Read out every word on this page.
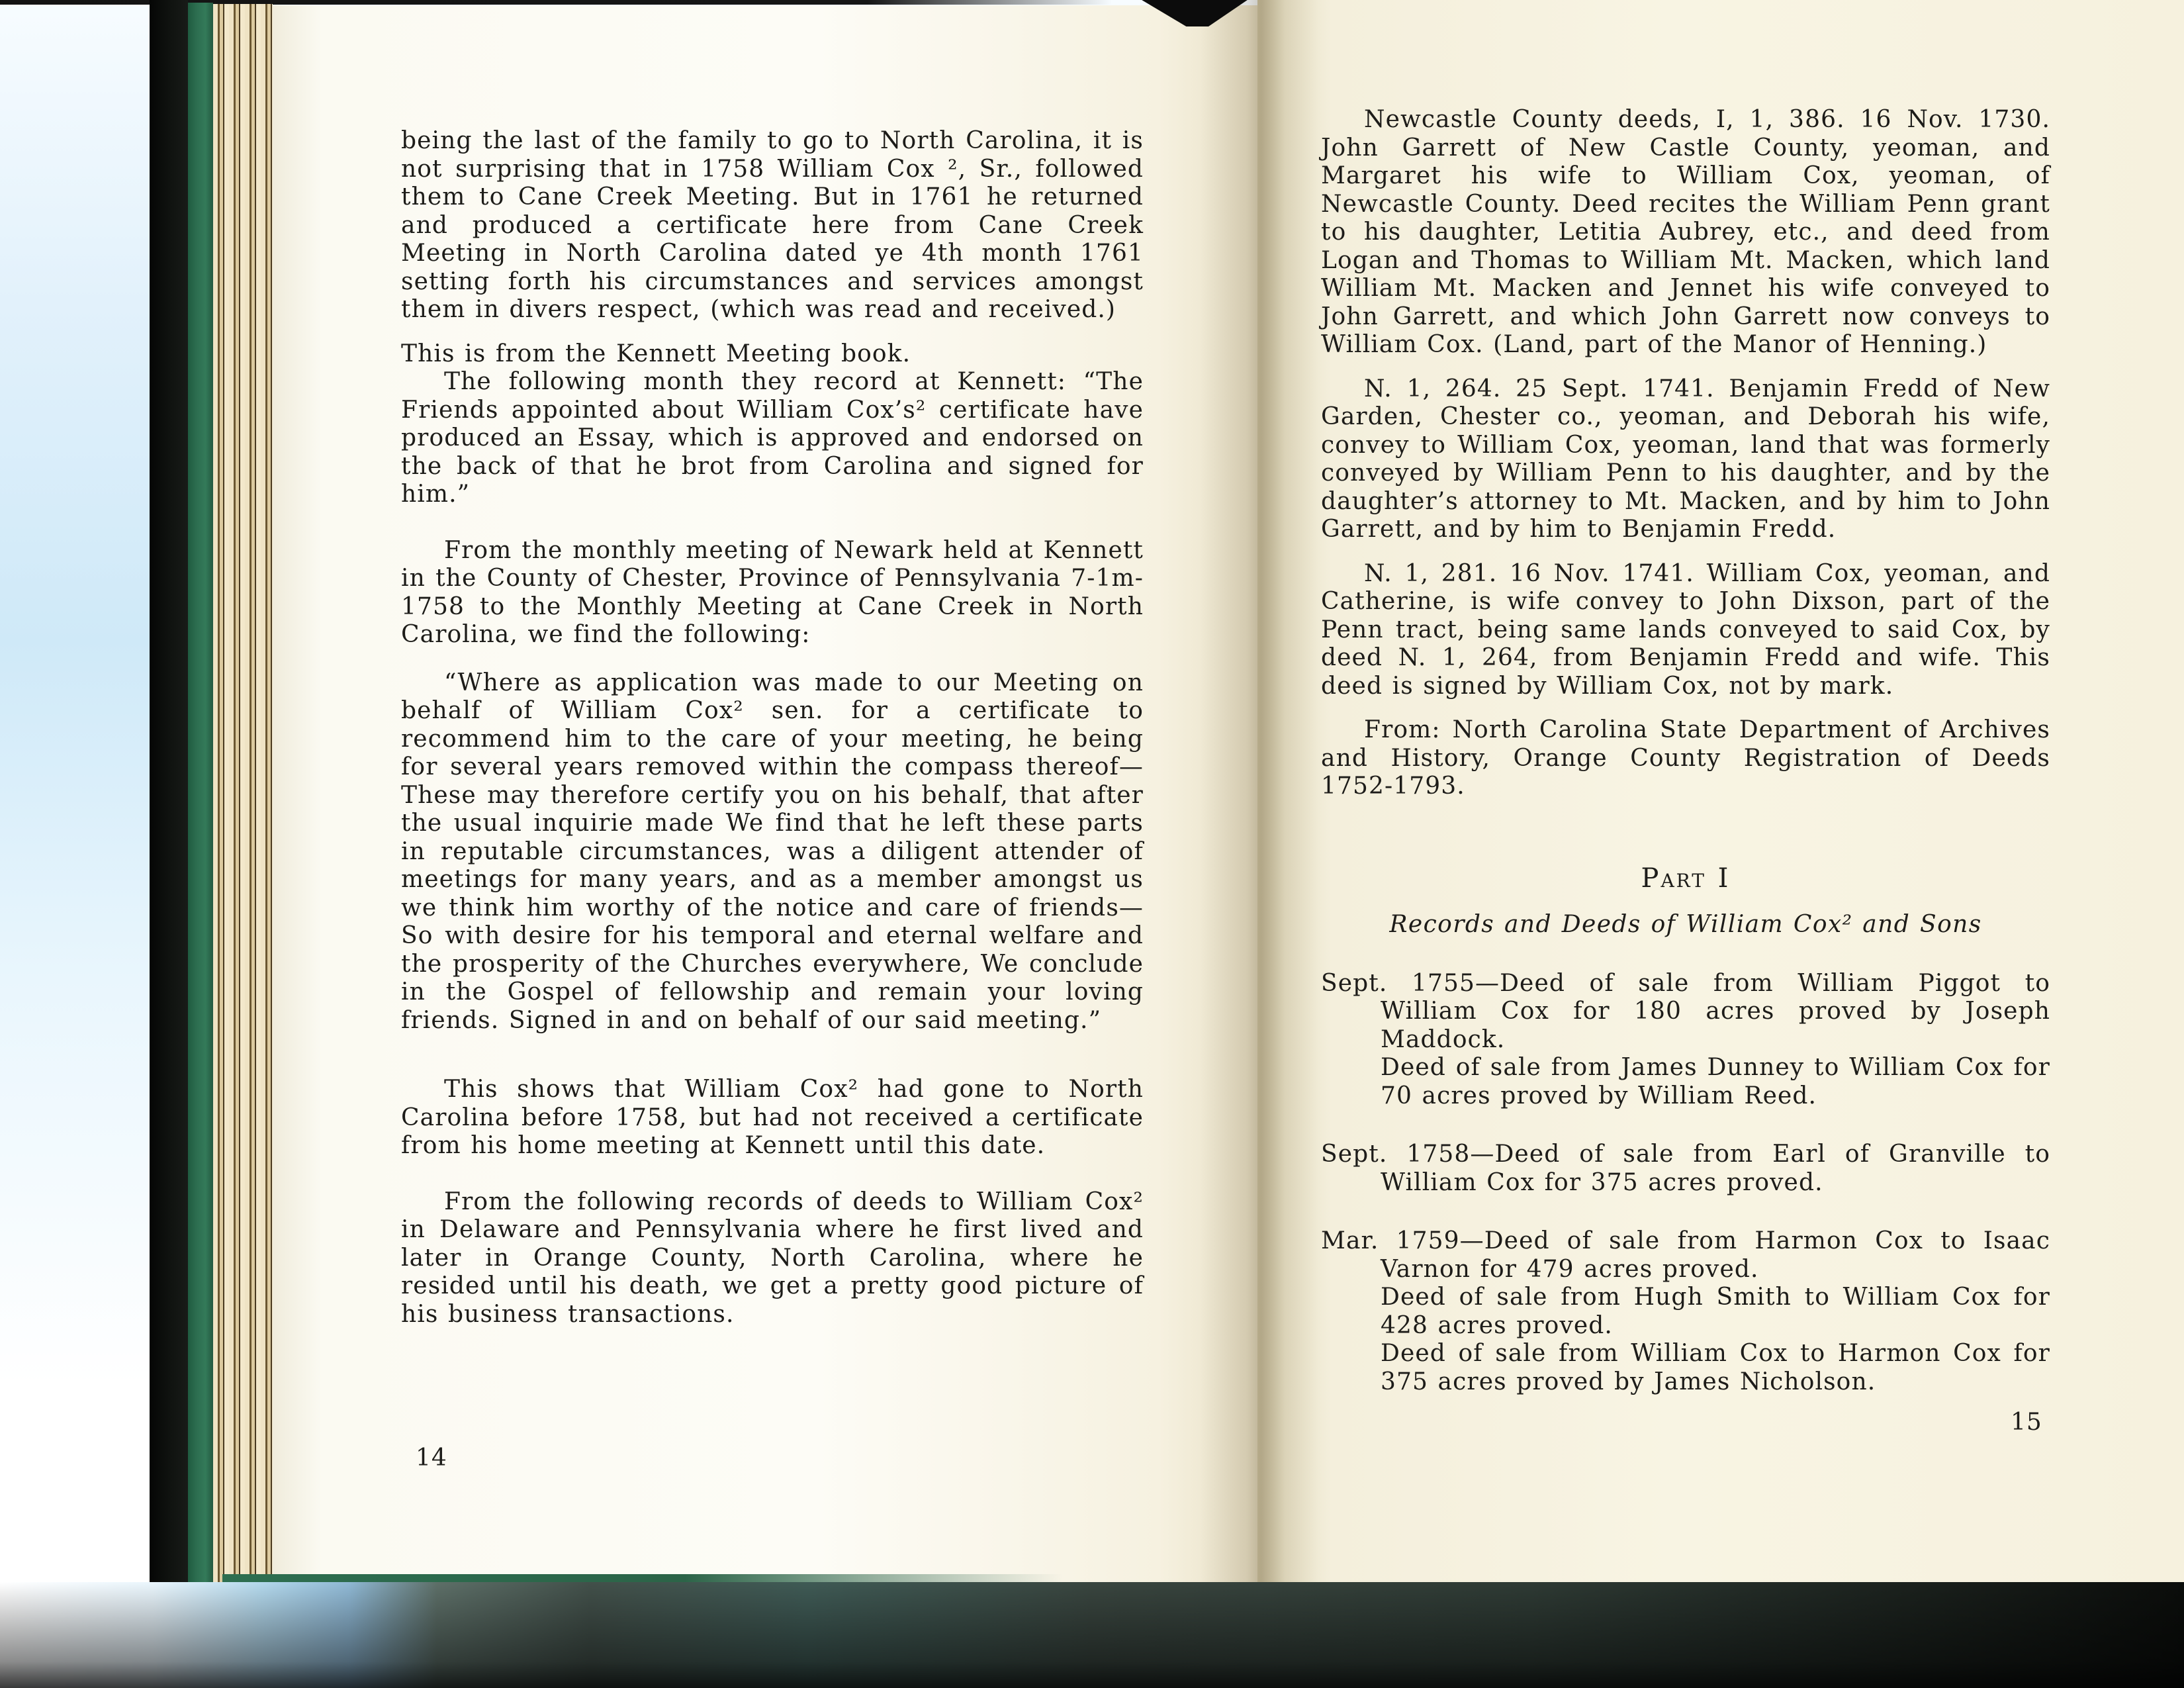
being the last of the family to go to North Carolina, it is not surprising that in 1758 William Cox ², Sr., followed them to Cane Creek Meeting. But in 1761 he returned and produced a certificate here from Cane Creek Meeting in North Carolina dated ye 4th month 1761 setting forth his circumstances and services amongst them in divers respect, (which was read and received.)

This is from the Kennett Meeting book.

The following month they record at Kennett: “The Friends appointed about William Cox’s² certificate have produced an Essay, which is approved and endorsed on the back of that he brot from Carolina and signed for him.”

From the monthly meeting of Newark held at Kennett in the County of Chester, Province of Pennsylvania 7-1m-1758 to the Monthly Meeting at Cane Creek in North Carolina, we find the following:

“Where as application was made to our Meeting on behalf of William Cox² sen. for a certificate to recommend him to the care of your meeting, he being for several years removed within the compass thereof—These may therefore certify you on his behalf, that after the usual inquirie made We find that he left these parts in reputable circumstances, was a diligent attender of meetings for many years, and as a member amongst us we think him worthy of the notice and care of friends—So with desire for his temporal and eternal welfare and the prosperity of the Churches everywhere, We conclude in the Gospel of fellowship and remain your loving friends. Signed in and on behalf of our said meeting.”

This shows that William Cox² had gone to North Carolina before 1758, but had not received a certificate from his home meeting at Kennett until this date.

From the following records of deeds to William Cox² in Delaware and Pennsylvania where he first lived and later in Orange County, North Carolina, where he resided until his death, we get a pretty good picture of his business transactions.

14

Newcastle County deeds, I, 1, 386. 16 Nov. 1730. John Garrett of New Castle County, yeoman, and Margaret his wife to William Cox, yeoman, of Newcastle County. Deed recites the William Penn grant to his daughter, Letitia Aubrey, etc., and deed from Logan and Thomas to William Mt. Macken, which land William Mt. Macken and Jennet his wife conveyed to John Garrett, and which John Garrett now conveys to William Cox. (Land, part of the Manor of Henning.)

N. 1, 264. 25 Sept. 1741. Benjamin Fredd of New Garden, Chester co., yeoman, and Deborah his wife, convey to William Cox, yeoman, land that was formerly conveyed by William Penn to his daughter, and by the daughter’s attorney to Mt. Macken, and by him to John Garrett, and by him to Benjamin Fredd.

N. 1, 281. 16 Nov. 1741. William Cox, yeoman, and Catherine, is wife convey to John Dixson, part of the Penn tract, being same lands conveyed to said Cox, by deed N. 1, 264, from Benjamin Fredd and wife. This deed is signed by William Cox, not by mark.

From: North Carolina State Department of Archives and History, Orange County Registration of Deeds 1752-1793.

Part I

Records and Deeds of William Cox² and Sons

Sept. 1755—Deed of sale from William Piggot to William Cox for 180 acres proved by Joseph Maddock.
Deed of sale from James Dunney to William Cox for 70 acres proved by William Reed.
Sept. 1758—Deed of sale from Earl of Granville to William Cox for 375 acres proved.
Mar. 1759—Deed of sale from Harmon Cox to Isaac Varnon for 479 acres proved.
Deed of sale from Hugh Smith to William Cox for 428 acres proved.
Deed of sale from William Cox to Harmon Cox for 375 acres proved by James Nicholson.
15
